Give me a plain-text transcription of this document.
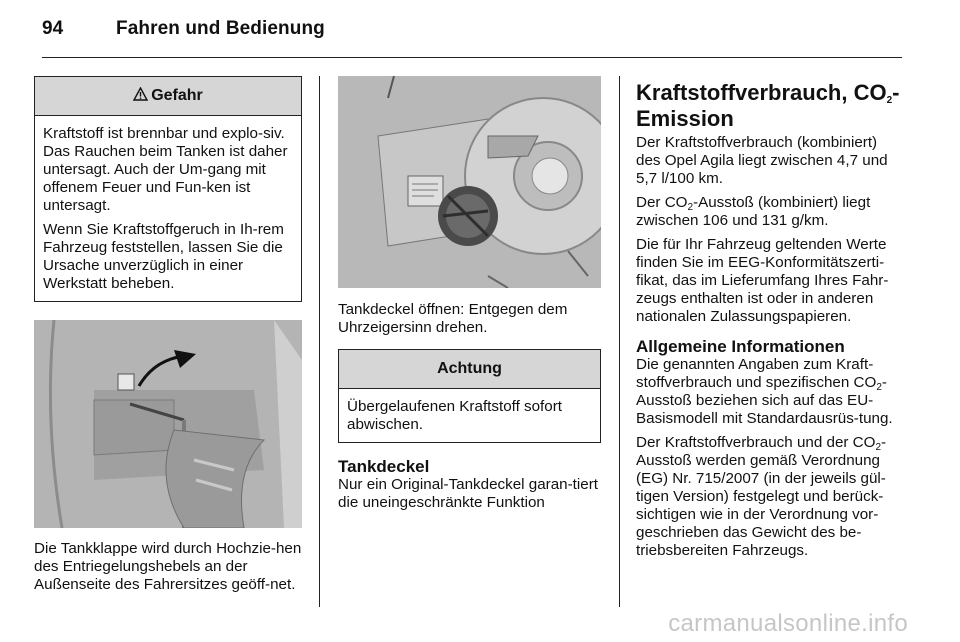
94	Fahren und Bedienung
Gefahr

Kraftstoff ist brennbar und explo-siv. Das Rauchen beim Tanken ist daher untersagt. Auch der Um-gang mit offenem Feuer und Fun-ken ist untersagt.

Wenn Sie Kraftstoffgeruch in Ih-rem Fahrzeug feststellen, lassen Sie die Ursache unverzüglich in einer Werkstatt beheben.

Die Tankklappe wird durch Hochzie-hen des Entriegelungshebels an der Außenseite des Fahrersitzes geöff-net.

Tankdeckel öffnen: Entgegen dem Uhrzeigersinn drehen.

Achtung

Übergelaufenen Kraftstoff sofort abwischen.

Tankdeckel

Nur ein Original-Tankdeckel garan-tiert die uneingeschränkte Funktion

Kraftstoffverbrauch, $CO_2$-Emission

Der Kraftstoffverbrauch (kombiniert) des Opel Agila liegt zwischen 4,7 und 5,7 l/100 km.

Der $CO_2$-Ausstoß (kombiniert) liegt zwischen 106 und 131 g/km.

Die für Ihr Fahrzeug geltenden Werte finden Sie im EEG-Konformitätszerti-fikat, das im Lieferumfang Ihres Fahr-zeugs enthalten ist oder in anderen nationalen Zulassungspapieren.

Allgemeine Informationen

Die genannten Angaben zum Kraft-stoffverbrauch und spezifischen $CO_2$-Ausstoß beziehen sich auf das EU-Basismodell mit Standardausrüs-tung.

Der Kraftstoffverbrauch und der $CO_2$-Ausstoß werden gemäß Verordnung (EG) Nr. 715/2007 (in der jeweils gül-tigen Version) festgelegt und berück-sichtigen wie in der Verordnung vor-geschrieben das Gewicht des be-triebsbereiten Fahrzeugs.

carmanualsonline.info
